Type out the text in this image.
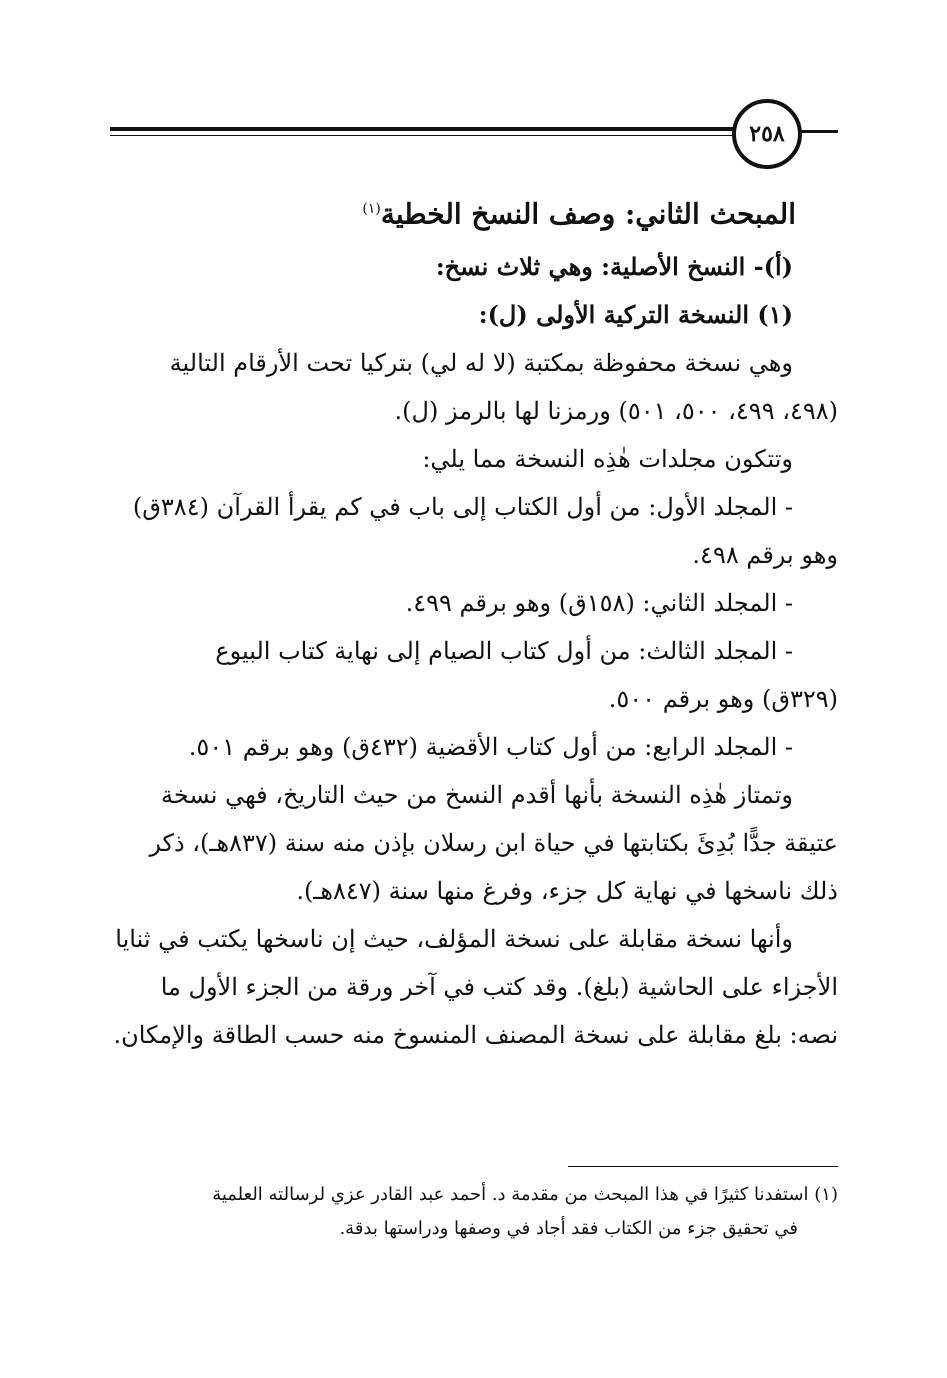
٢٥٨
المبحث الثاني: وصف النسخ الخطية$^{(١)}$
(أ)- النسخ الأصلية: وهي ثلاث نسخ:
(١) النسخة التركية الأولى (ل):
وهي نسخة محفوظة بمكتبة (لا له لي) بتركيا تحت الأرقام التالية
(٤٩٨، ٤٩٩، ٥٠٠، ٥٠١) ورمزنا لها بالرمز (ل).
وتتكون مجلدات هٰذِه النسخة مما يلي:
- المجلد الأول: من أول الكتاب إلى باب في كم يقرأ القرآن (٣٨٤ق)
وهو برقم ٤٩٨.
- المجلد الثاني: (١٥٨ق) وهو برقم ٤٩٩.
- المجلد الثالث: من أول كتاب الصيام إلى نهاية كتاب البيوع
(٣٢٩ق) وهو برقم ٥٠٠.
- المجلد الرابع: من أول كتاب الأقضية (٤٣٢ق) وهو برقم ٥٠١.
وتمتاز هٰذِه النسخة بأنها أقدم النسخ من حيث التاريخ، فهي نسخة
عتيقة جدًّا بُدِئَ بكتابتها في حياة ابن رسلان بإذن منه سنة (٨٣٧هـ)، ذكر
ذلك ناسخها في نهاية كل جزء، وفرغ منها سنة (٨٤٧هـ).
وأنها نسخة مقابلة على نسخة المؤلف، حيث إن ناسخها يكتب في ثنايا
الأجزاء على الحاشية (بلغ). وقد كتب في آخر ورقة من الجزء الأول ما
نصه: بلغ مقابلة على نسخة المصنف المنسوخ منه حسب الطاقة والإمكان.
(١) استفدنا كثيرًا في هذا المبحث من مقدمة د. أحمد عبد القادر عزي لرسالته العلمية
في تحقيق جزء من الكتاب فقد أجاد في وصفها ودراستها بدقة.
